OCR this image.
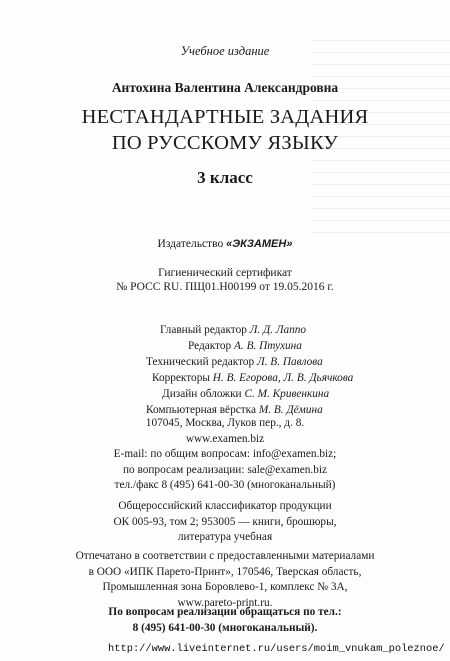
Учебное издание
Антохина Валентина Александровна
НЕСТАНДАРТНЫЕ ЗАДАНИЯ
ПО РУССКОМУ ЯЗЫКУ
3 класс
Издательство «ЭКЗАМЕН»
Гигиенический сертификат
№ РОСС RU. ПЩ01.Н00199 от 19.05.2016 г.
Главный редактор Л. Д. Лаппо
Редактор А. В. Птухина
Технический редактор Л. В. Павлова
Корректоры Н. В. Егорова, Л. В. Дьячкова
Дизайн обложки С. М. Кривенкина
Компьютерная вёрстка М. В. Дёмина
107045, Москва, Луков пер., д. 8.
www.examen.biz
E-mail: по общим вопросам: info@examen.biz;
по вопросам реализации: sale@examen.biz
тел./факс 8 (495) 641-00-30 (многоканальный)
Общероссийский классификатор продукции
ОК 005-93, том 2; 953005 — книги, брошюры,
литература учебная
Отпечатано в соответствии с предоставленными материалами
в ООО «ИПК Парето-Принт», 170546, Тверская область,
Промышленная зона Боровлево-1, комплекс № 3А,
www.pareto-print.ru.
По вопросам реализации обращаться по тел.:
8 (495) 641-00-30 (многоканальный).
http://www.liveinternet.ru/users/moim_vnukam_poleznoe/
